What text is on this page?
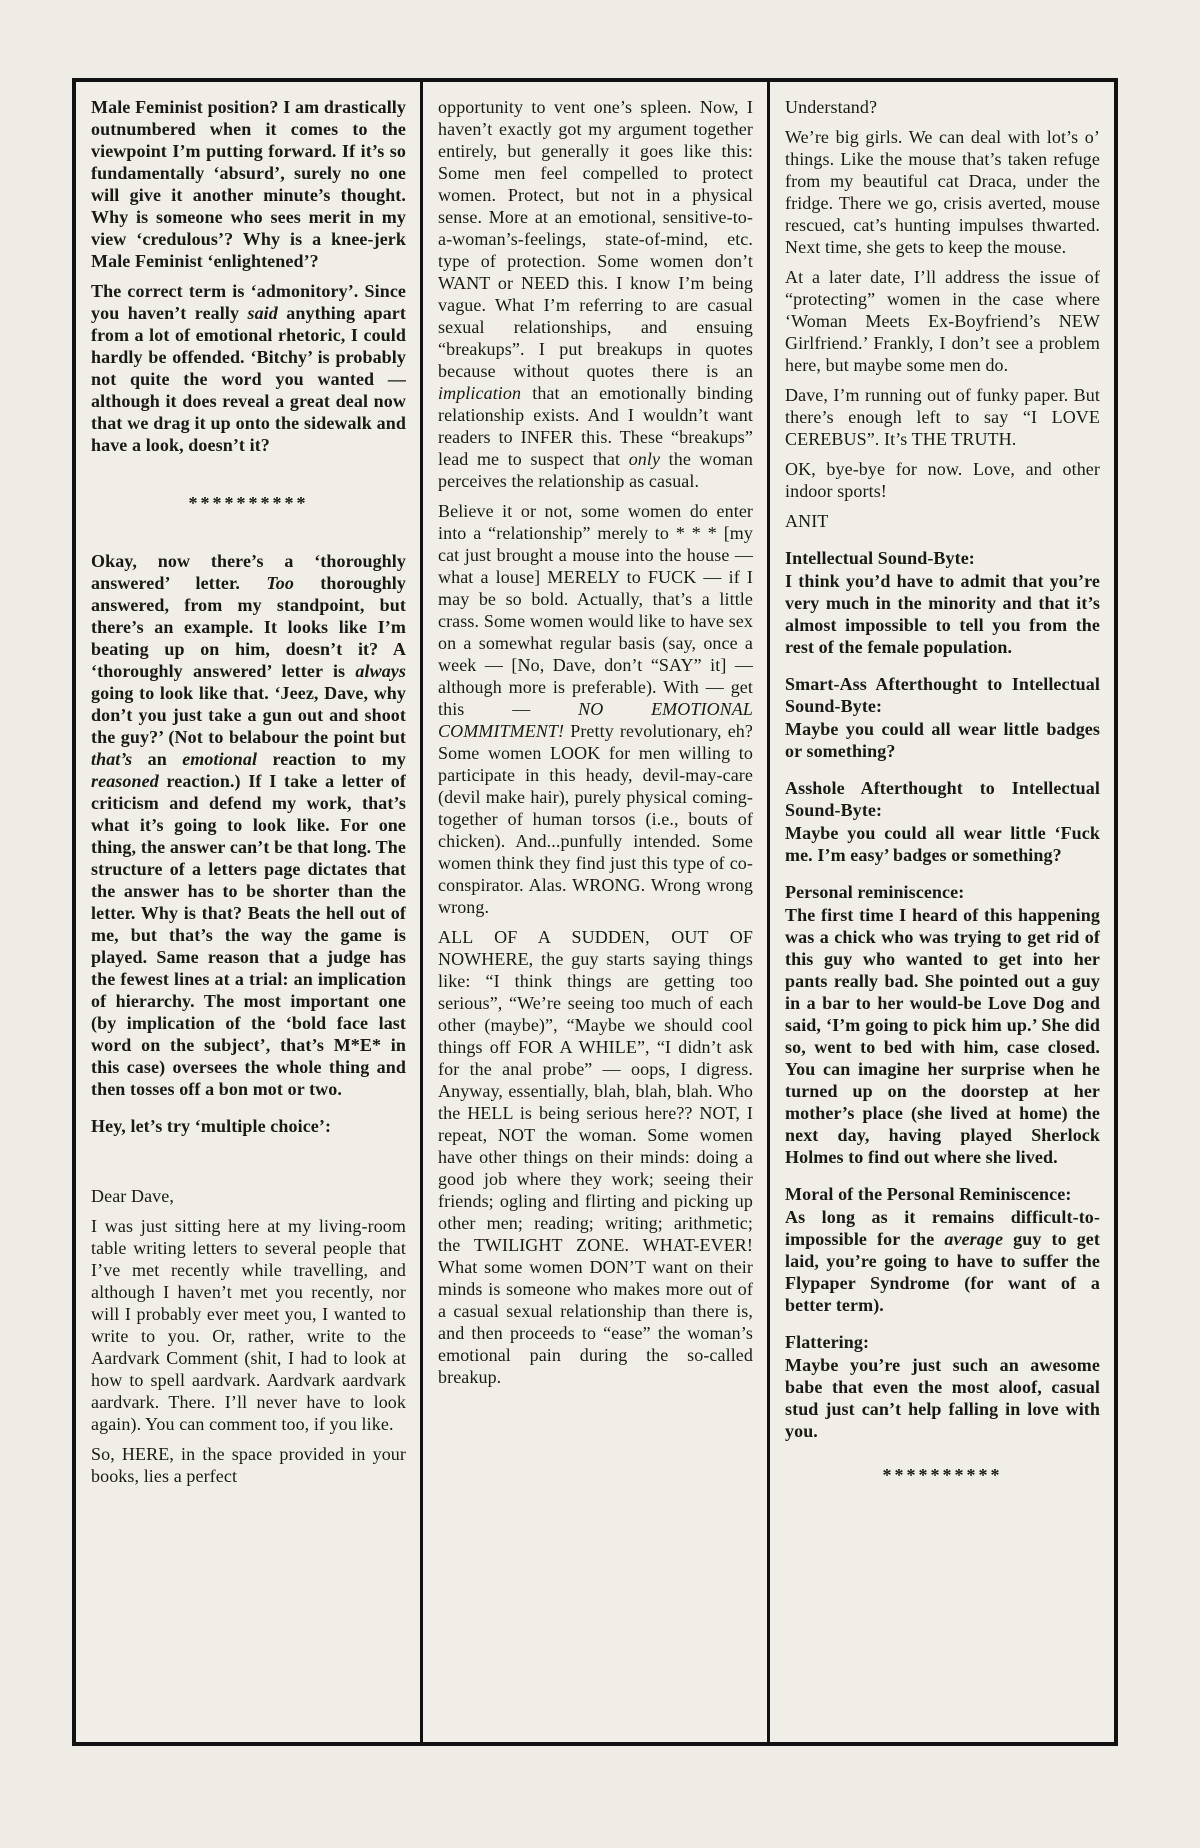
Male Feminist position? I am drastically outnumbered when it comes to the viewpoint I’m putting forward. If it’s so fundamentally ‘absurd’, surely no one will give it another minute’s thought. Why is someone who sees merit in my view ‘credulous’? Why is a knee-jerk Male Feminist ‘enlightened’?

The correct term is ‘admonitory’. Since you haven’t really said anything apart from a lot of emotional rhetoric, I could hardly be offended. ‘Bitchy’ is probably not quite the word you wanted — although it does reveal a great deal now that we drag it up onto the sidewalk and have a look, doesn’t it?

**********

Okay, now there’s a ‘thoroughly answered’ letter. Too thoroughly answered, from my standpoint, but there’s an example. It looks like I’m beating up on him, doesn’t it? A ‘thoroughly answered’ letter is always going to look like that. ‘Jeez, Dave, why don’t you just take a gun out and shoot the guy?’ (Not to belabour the point but that’s an emotional reaction to my reasoned reaction.) If I take a letter of criticism and defend my work, that’s what it’s going to look like. For one thing, the answer can’t be that long. The structure of a letters page dictates that the answer has to be shorter than the letter. Why is that? Beats the hell out of me, but that’s the way the game is played. Same reason that a judge has the fewest lines at a trial: an implication of hierarchy. The most important one (by implication of the ‘bold face last word on the subject’, that’s M*E* in this case) oversees the whole thing and then tosses off a bon mot or two.

Hey, let’s try ‘multiple choice’:

Dear Dave,

I was just sitting here at my living-room table writing letters to several people that I’ve met recently while travelling, and although I haven’t met you recently, nor will I probably ever meet you, I wanted to write to you. Or, rather, write to the Aardvark Comment (shit, I had to look at how to spell aardvark. Aardvark aardvark aardvark. There. I’ll never have to look again). You can comment too, if you like.

So, HERE, in the space provided in your books, lies a perfect

opportunity to vent one’s spleen. Now, I haven’t exactly got my argument together entirely, but generally it goes like this: Some men feel compelled to protect women. Protect, but not in a physical sense. More at an emotional, sensitive-to-a-woman’s-feelings, state-of-mind, etc. type of protection. Some women don’t WANT or NEED this. I know I’m being vague. What I’m referring to are casual sexual relationships, and ensuing “breakups”. I put breakups in quotes because without quotes there is an implication that an emotionally binding relationship exists. And I wouldn’t want readers to INFER this. These “breakups” lead me to suspect that only the woman perceives the relationship as casual.

Believe it or not, some women do enter into a “relationship” merely to * * * [my cat just brought a mouse into the house — what a louse] MERELY to FUCK — if I may be so bold. Actually, that’s a little crass. Some women would like to have sex on a somewhat regular basis (say, once a week — [No, Dave, don’t “SAY” it] — although more is preferable). With — get this — NO EMOTIONAL COMMITMENT! Pretty revolutionary, eh? Some women LOOK for men willing to participate in this heady, devil-may-care (devil make hair), purely physical coming-together of human torsos (i.e., bouts of chicken). And...punfully intended. Some women think they find just this type of co-conspirator. Alas. WRONG. Wrong wrong wrong.

ALL OF A SUDDEN, OUT OF NOWHERE, the guy starts saying things like: “I think things are getting too serious”, “We’re seeing too much of each other (maybe)”, “Maybe we should cool things off FOR A WHILE”, “I didn’t ask for the anal probe” — oops, I digress. Anyway, essentially, blah, blah, blah. Who the HELL is being serious here?? NOT, I repeat, NOT the woman. Some women have other things on their minds: doing a good job where they work; seeing their friends; ogling and flirting and picking up other men; reading; writing; arithmetic; the TWILIGHT ZONE. WHAT-EVER! What some women DON’T want on their minds is someone who makes more out of a casual sexual relationship than there is, and then proceeds to “ease” the woman’s emotional pain during the so-called breakup.

Understand?

We’re big girls. We can deal with lot’s o’ things. Like the mouse that’s taken refuge from my beautiful cat Draca, under the fridge. There we go, crisis averted, mouse rescued, cat’s hunting impulses thwarted. Next time, she gets to keep the mouse.

At a later date, I’ll address the issue of “protecting” women in the case where ‘Woman Meets Ex-Boyfriend’s NEW Girlfriend.’ Frankly, I don’t see a problem here, but maybe some men do.

Dave, I’m running out of funky paper. But there’s enough left to say “I LOVE CEREBUS”. It’s THE TRUTH.

OK, bye-bye for now. Love, and other indoor sports!

ANIT

Intellectual Sound-Byte:

I think you’d have to admit that you’re very much in the minority and that it’s almost impossible to tell you from the rest of the female population.

Smart-Ass Afterthought to Intellectual Sound-Byte:

Maybe you could all wear little badges or something?

Asshole Afterthought to Intellectual Sound-Byte:

Maybe you could all wear little ‘Fuck me. I’m easy’ badges or something?

Personal reminiscence:

The first time I heard of this happening was a chick who was trying to get rid of this guy who wanted to get into her pants really bad. She pointed out a guy in a bar to her would-be Love Dog and said, ‘I’m going to pick him up.’ She did so, went to bed with him, case closed. You can imagine her surprise when he turned up on the doorstep at her mother’s place (she lived at home) the next day, having played Sherlock Holmes to find out where she lived.

Moral of the Personal Reminiscence:

As long as it remains difficult-to-impossible for the average guy to get laid, you’re going to have to suffer the Flypaper Syndrome (for want of a better term).

Flattering:

Maybe you’re just such an awesome babe that even the most aloof, casual stud just can’t help falling in love with you.

**********
